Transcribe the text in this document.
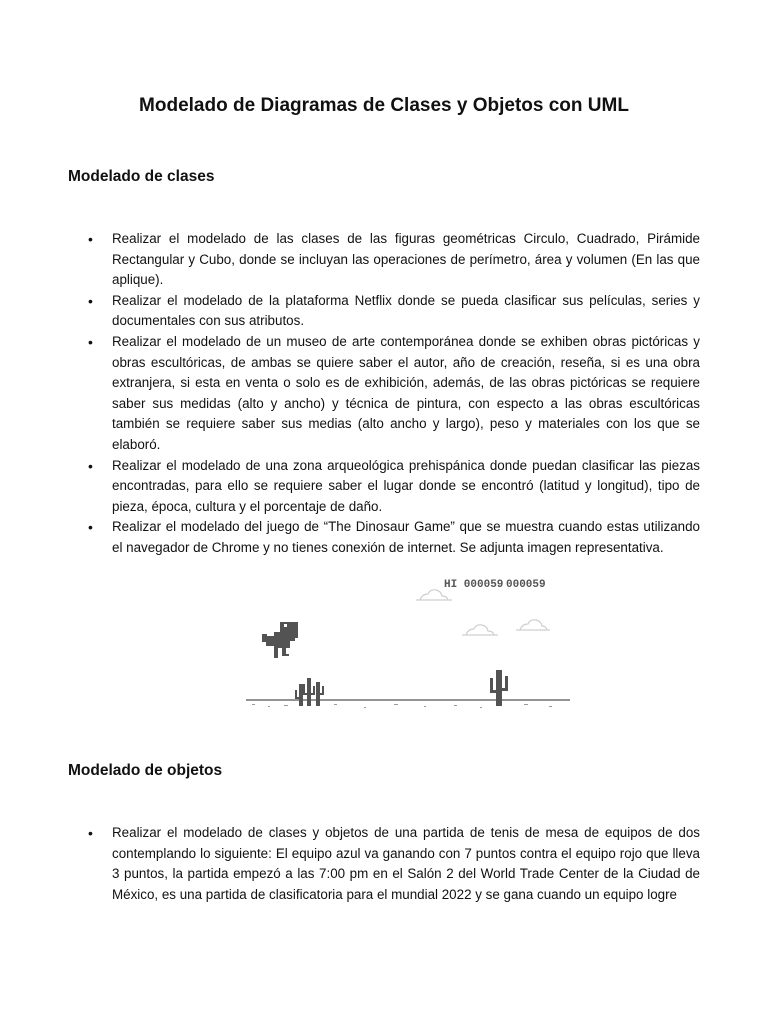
Modelado de Diagramas de Clases y Objetos con UML
Modelado de clases
• Realizar el modelado de las clases de las figuras geométricas Circulo, Cuadrado, Pirámide Rectangular y Cubo, donde se incluyan las operaciones de perímetro, área y volumen (En las que aplique).
• Realizar el modelado de la plataforma Netflix donde se pueda clasificar sus películas, series y documentales con sus atributos.
• Realizar el modelado de un museo de arte contemporánea donde se exhiben obras pictóricas y obras escultóricas, de ambas se quiere saber el autor, año de creación, reseña, si es una obra extranjera, si esta en venta o solo es de exhibición, además, de las obras pictóricas se requiere saber sus medidas (alto y ancho) y técnica de pintura, con especto a las obras escultóricas también se requiere saber sus medias (alto ancho y largo), peso y materiales con los que se elaboró.
• Realizar el modelado de una zona arqueológica prehispánica donde puedan clasificar las piezas encontradas, para ello se requiere saber el lugar donde se encontró (latitud y longitud), tipo de pieza, época, cultura y el porcentaje de daño.
• Realizar el modelado del juego de “The Dinosaur Game” que se muestra cuando estas utilizando el navegador de Chrome y no tienes conexión de internet. Se adjunta imagen representativa.
HI 000059 000059
Modelado de objetos
• Realizar el modelado de clases y objetos de una partida de tenis de mesa de equipos de dos contemplando lo siguiente: El equipo azul va ganando con 7 puntos contra el equipo rojo que lleva 3 puntos, la partida empezó a las 7:00 pm en el Salón 2 del World Trade Center de la Ciudad de México, es una partida de clasificatoria para el mundial 2022 y se gana cuando un equipo logre
